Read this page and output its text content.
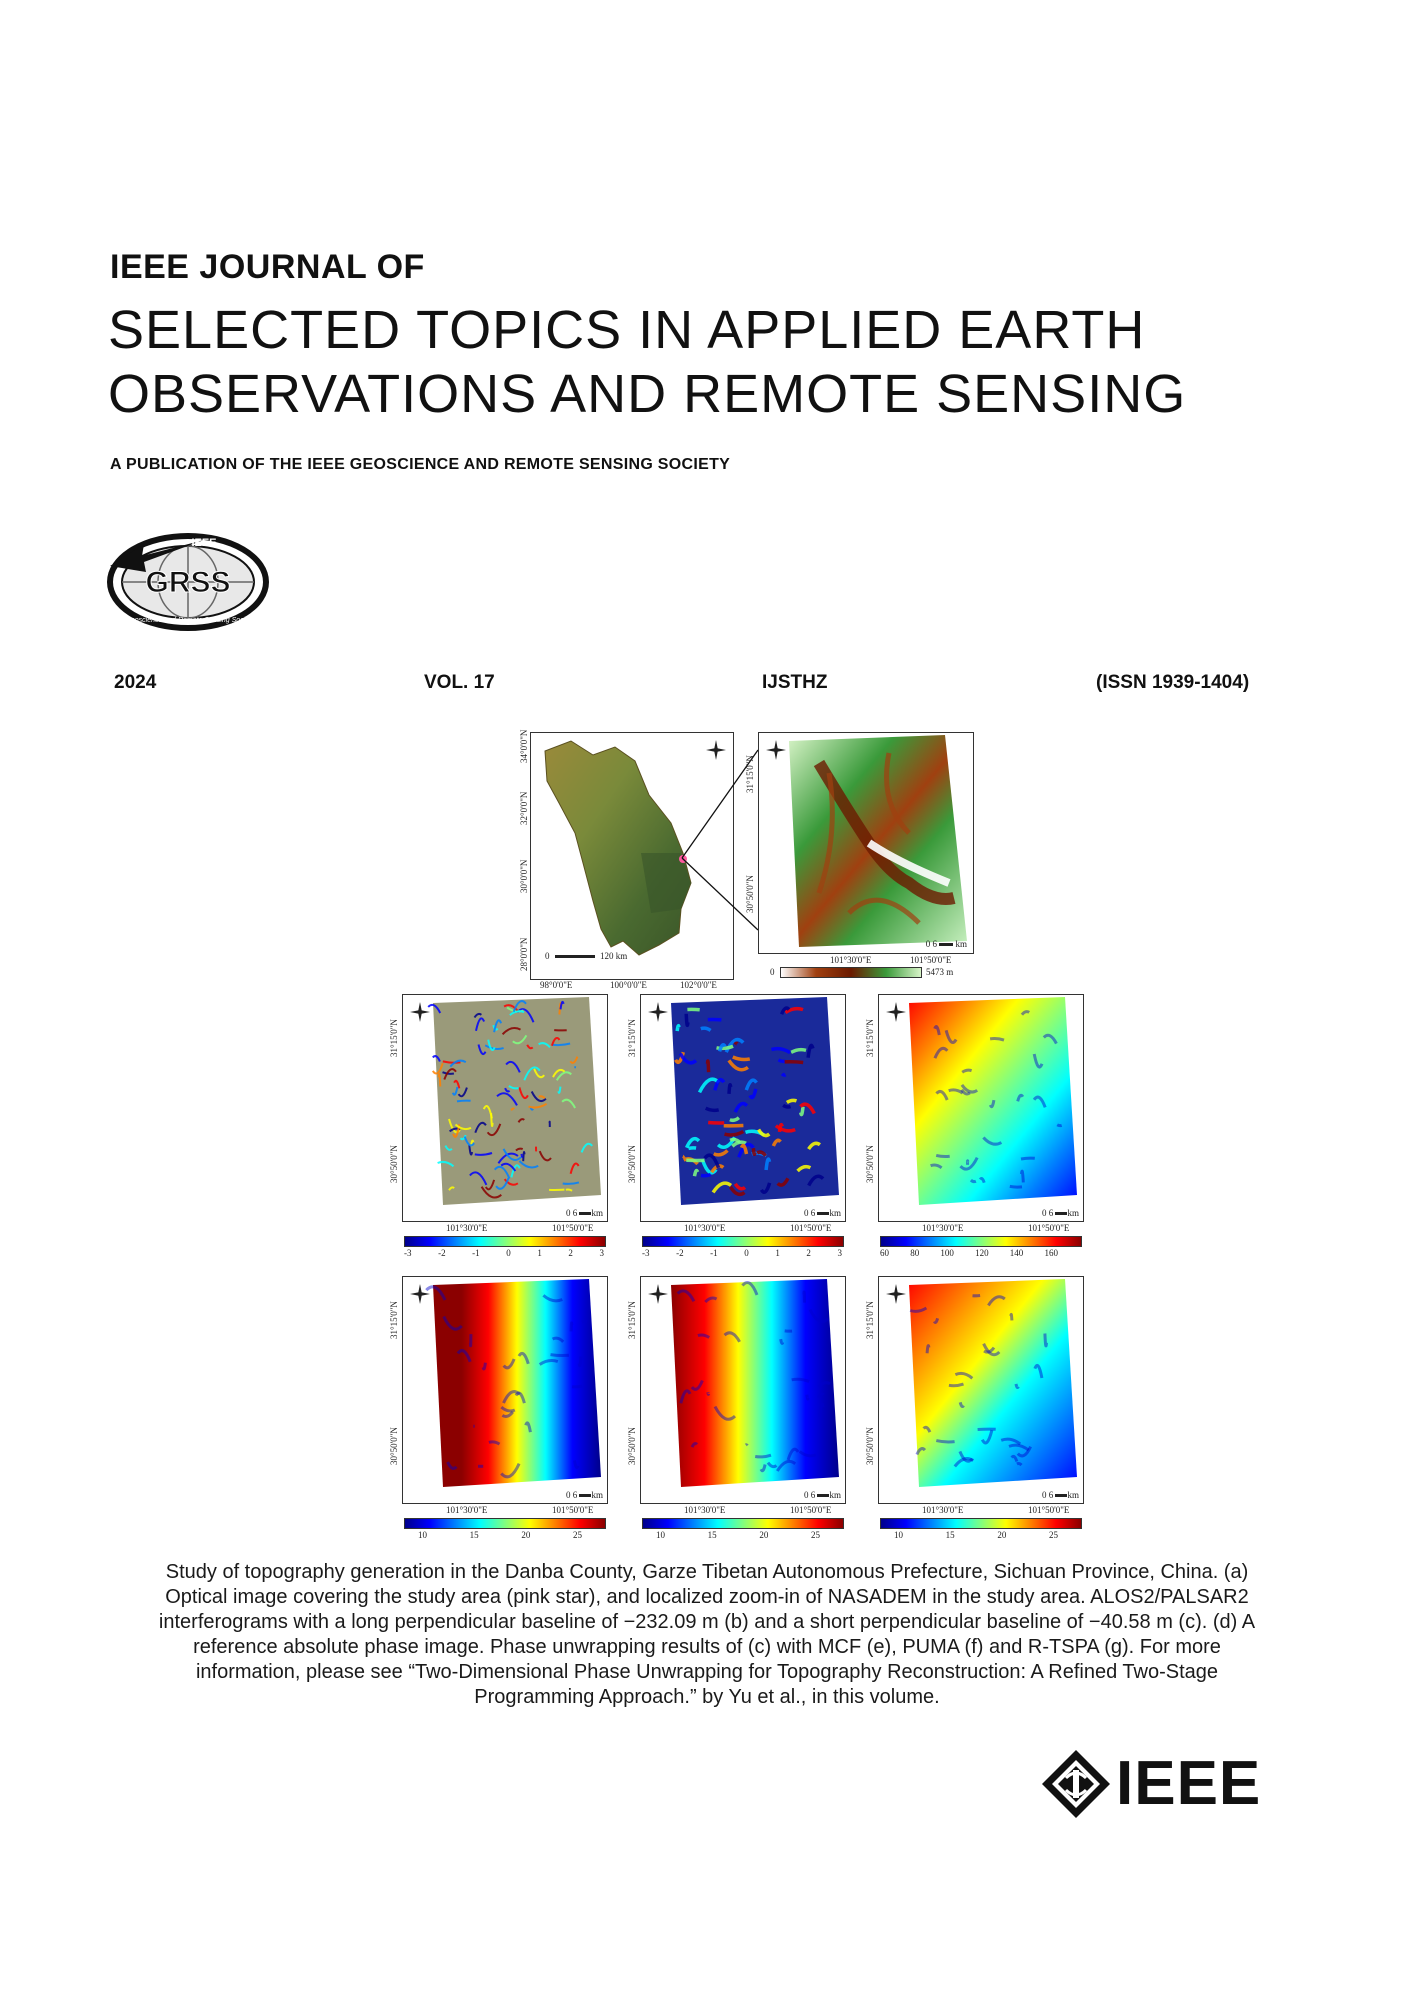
IEEE JOURNAL OF
SELECTED TOPICS IN APPLIED EARTH
OBSERVATIONS AND REMOTE SENSING
A PUBLICATION OF THE IEEE GEOSCIENCE AND REMOTE SENSING SOCIETY
GRSS
IEEE
Geoscience and Remote Sensing Society
2024	VOL. 17	IJSTHZ	(ISSN 1939-1404)
34°0'0"N
32°0'0"N
30°0'0"N
28°0'0"N 0	120 km
98°0'0"E	100°0'0"E	102°0'0"E
31°15'0"N
30°50'0"N
0 6 km
101°30'0"E	101°50'0"E
0	5473 m
31°15'0"N
30°50'0"N
0 6 km
101°30'0"E	101°50'0"E
-3	-2	-1	0	1	2	3
31°15'0"N
30°50'0"N
0 6 km
101°30'0"E	101°50'0"E
-3	-2	-1	0	1	2	3
31°15'0"N
30°50'0"N
0 6 km
101°30'0"E	101°50'0"E
60 80 100 120 140 160
31°15'0"N
30°50'0"N
0 6 km
101°30'0"E	101°50'0"E
10	15	20	25
31°15'0"N
30°50'0"N
0 6 km
101°30'0"E	101°50'0"E
10	15	20	25
31°15'0"N
30°50'0"N
0 6 km
101°30'0"E	101°50'0"E
10	15	20	25
Study of topography generation in the Danba County, Garze Tibetan Autonomous Prefecture, Sichuan Province, China. (a) Optical image covering the study area (pink star), and localized zoom-in of NASADEM in the study area. ALOS2/PALSAR2 interferograms with a long perpendicular baseline of −232.09 m (b) and a short perpendicular baseline of −40.58 m (c). (d) A reference absolute phase image. Phase unwrapping results of (c) with MCF (e), PUMA (f) and R-TSPA (g). For more information, please see “Two-Dimensional Phase Unwrapping for Topography Reconstruction: A Refined Two-Stage Programming Approach.” by Yu et al., in this volume.
IEEE
